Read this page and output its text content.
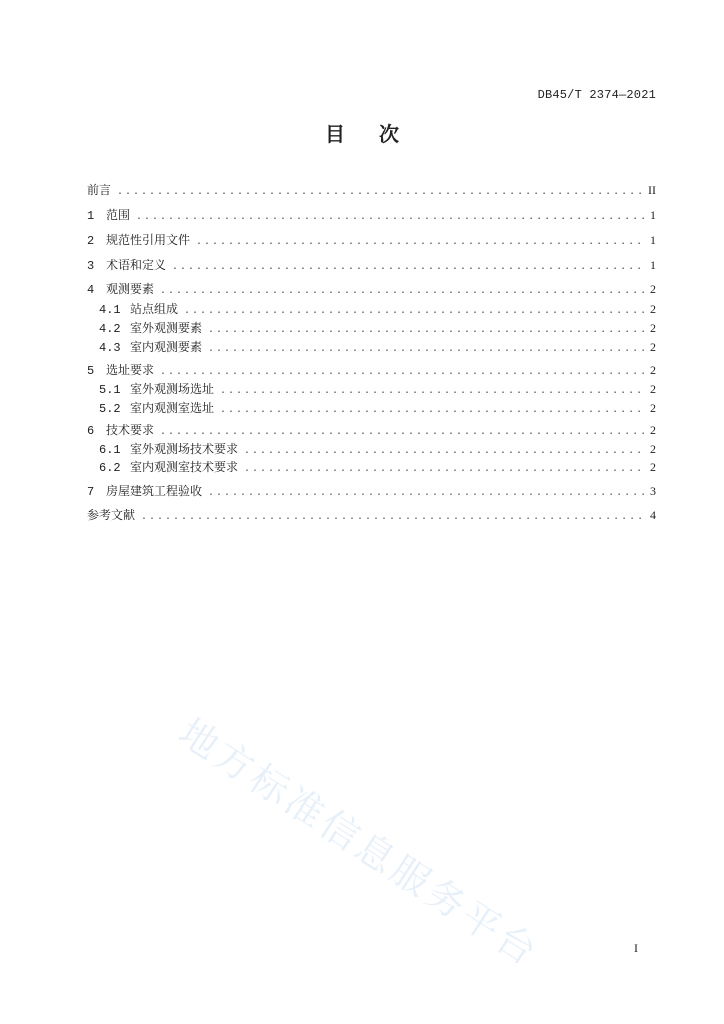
DB45/T 2374—2021
目 次
前言 .....	II
1 范围 .....	1
2 规范性引用文件 .....	1
3 术语和定义 .....	1
4 观测要素 .....	2
4.1 站点组成 .....	2
4.2 室外观测要素 .....	2
4.3 室内观测要素 .....	2
5 选址要求 .....	2
5.1 室外观测场选址 .....	2
5.2 室内观测室选址 .....	2
6 技术要求 .....	2
6.1 室外观测场技术要求 .....	2
6.2 室内观测室技术要求 .....	2
7 房屋建筑工程验收 .....	3
参考文献 .....	4
地方标准信息服务平台	I
